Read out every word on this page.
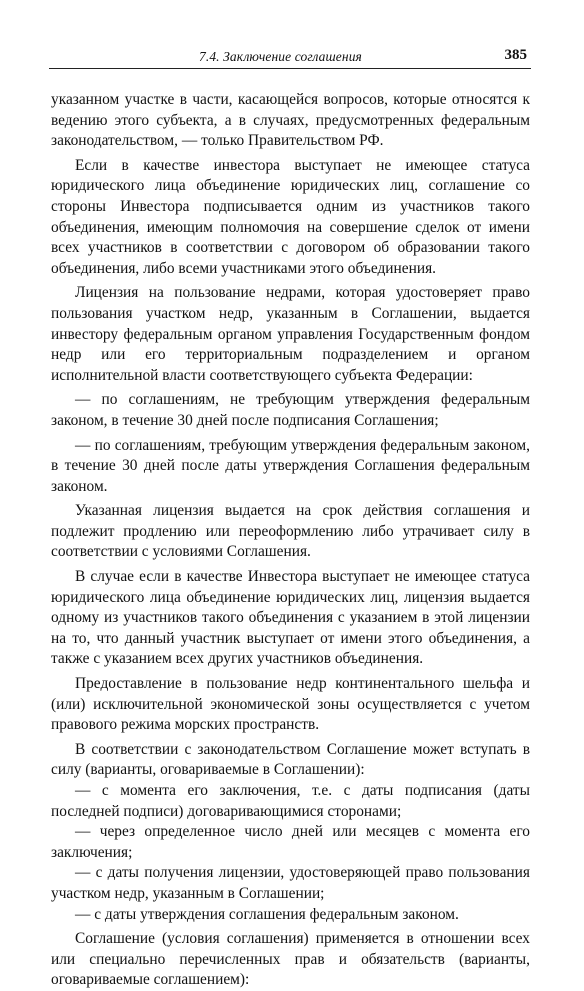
7.4. Заключение соглашения	385

указанном участке в части, касающейся вопросов, которые относятся к ведению этого субъекта, а в случаях, предусмотренных федеральным законодательством, — только Правительством РФ.

Если в качестве инвестора выступает не имеющее статуса юридического лица объединение юридических лиц, соглашение со стороны Инвестора подписывается одним из участников такого объединения, имеющим полномочия на совершение сделок от имени всех участников в соответствии с договором об образовании такого объединения, либо всеми участниками этого объединения.

Лицензия на пользование недрами, которая удостоверяет право пользования участком недр, указанным в Соглашении, выдается инвестору федеральным органом управления Государственным фондом недр или его территориальным подразделением и органом исполнительной власти соответствующего субъекта Федерации:

— по соглашениям, не требующим утверждения федеральным законом, в течение 30 дней после подписания Соглашения;

— по соглашениям, требующим утверждения федеральным законом, в течение 30 дней после даты утверждения Соглашения федеральным законом.

Указанная лицензия выдается на срок действия соглашения и подлежит продлению или переоформлению либо утрачивает силу в соответствии с условиями Соглашения.

В случае если в качестве Инвестора выступает не имеющее статуса юридического лица объединение юридических лиц, лицензия выдается одному из участников такого объединения с указанием в этой лицензии на то, что данный участник выступает от имени этого объединения, а также с указанием всех других участников объединения.

Предоставление в пользование недр континентального шельфа и (или) исключительной экономической зоны осуществляется с учетом правового режима морских пространств.

В соответствии с законодательством Соглашение может вступать в силу (варианты, оговариваемые в Соглашении):

— с момента его заключения, т.е. с даты подписания (даты последней подписи) договаривающимися сторонами;

— через определенное число дней или месяцев с момента его заключения;

— с даты получения лицензии, удостоверяющей право пользования участком недр, указанным в Соглашении;

— с даты утверждения соглашения федеральным законом.

Соглашение (условия соглашения) применяется в отношении всех или специально перечисленных прав и обязательств (варианты, оговариваемые соглашением):
